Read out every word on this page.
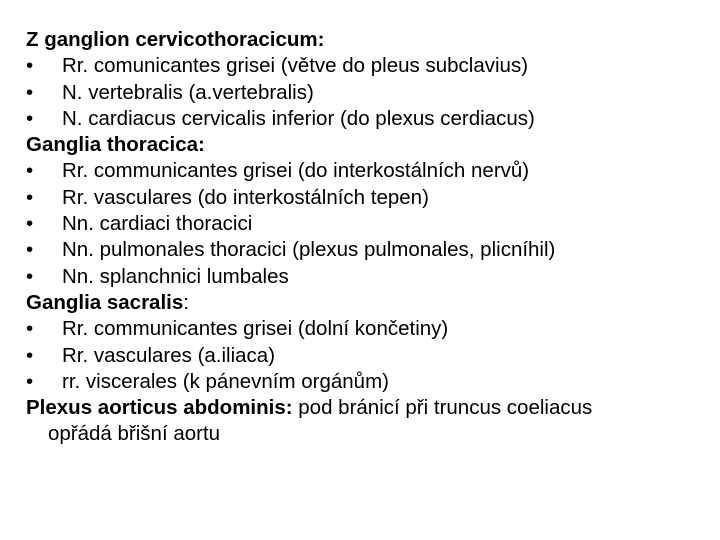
Z ganglion cervicothoracicum:
• Rr. comunicantes grisei (větve do pleus subclavius)
• N. vertebralis (a.vertebralis)
• N. cardiacus cervicalis inferior (do plexus cerdiacus)
Ganglia thoracica:
• Rr. communicantes grisei (do interkostálních nervů)
• Rr. vasculares (do interkostálních tepen)
• Nn. cardiaci thoracici
• Nn. pulmonales thoracici (plexus pulmonales, plicníhil)
• Nn. splanchnici lumbales
Ganglia sacralis:
• Rr. communicantes grisei (dolní končetiny)
• Rr. vasculares (a.iliaca)
• rr. viscerales (k pánevním orgánům)
Plexus aorticus abdominis: pod bránicí při truncus coeliacus
opřádá břišní aortu
